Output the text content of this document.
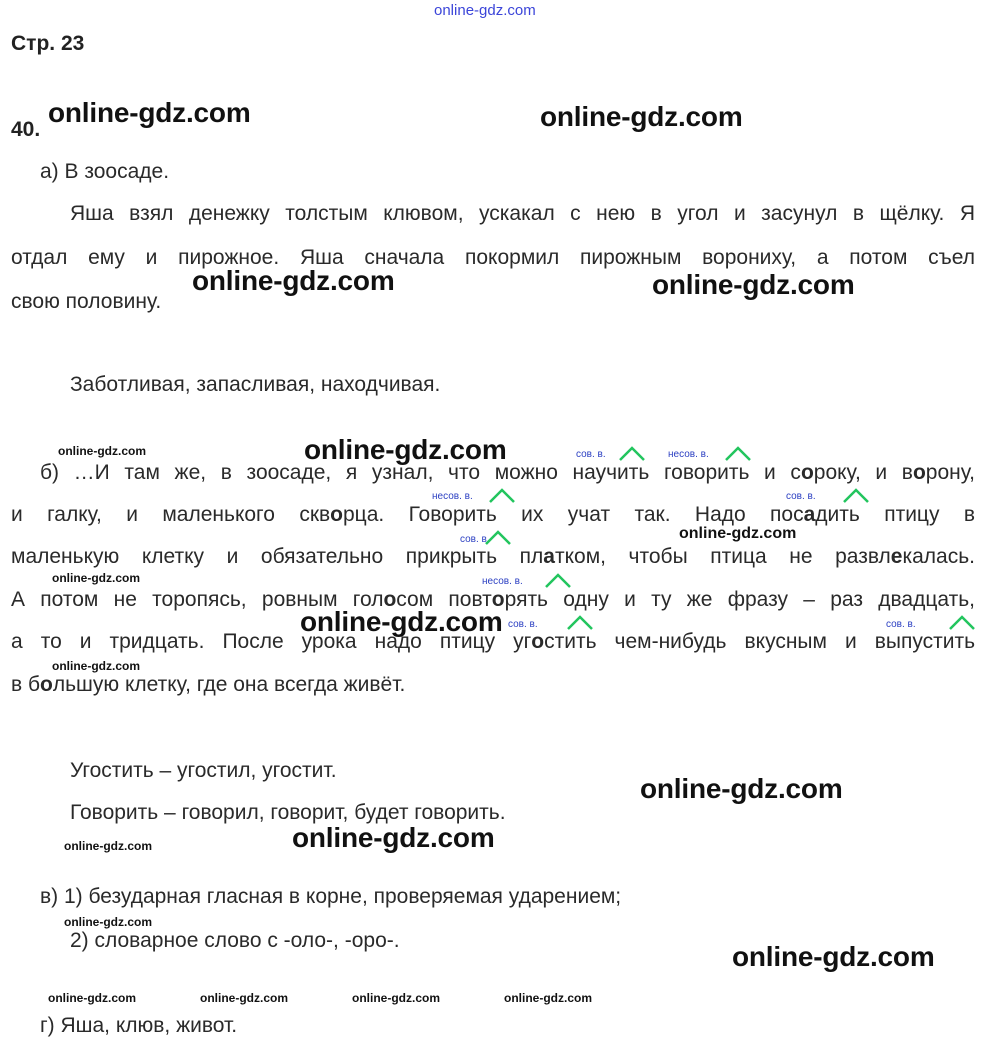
online-gdz.com
Стр. 23
40.
online-gdz.com	online-gdz.com
online-gdz.com	online-gdz.com
online-gdz.com
online-gdz.com
online-gdz.com
online-gdz.com
online-gdz.com
online-gdz.com
online-gdz.com
online-gdz.com
online-gdz.com
online-gdz.com
online-gdz.com
online-gdz.com	online-gdz.com	online-gdz.com	online-gdz.com
а) В зоосаде.
Яша взял денежку толстым клювом, ускакал с нею в угол и засунул в щёлку. Я
отдал ему и пирожное. Яша сначала покормил пирожным ворониху, а потом съел
свою половину.
Заботливая, запасливая, находчивая.
б) …И там же, в зоосаде, я узнал, что можно научить говорить и сороку, и ворону,
и галку, и маленького скворца. Говорить их учат так. Надо посадить птицу в
маленькую клетку и обязательно прикрыть платком, чтобы птица не развлекалась.
А потом не торопясь, ровным голосом повторять одну и ту же фразу – раз двадцать,
а то и тридцать. После урока надо птицу угостить чем-нибудь вкусным и выпустить
в большую клетку, где она всегда живёт.
сов. в.	несов. в.
несов. в.	сов. в.
сов. в.
несов. в.
сов. в.	сов. в.
Угостить – угостил, угостит.
Говорить – говорил, говорит, будет говорить.
в) 1) безударная гласная в корне, проверяемая ударением;
2) словарное слово с -оло-, -оро-.
г) Яша, клюв, живот.
